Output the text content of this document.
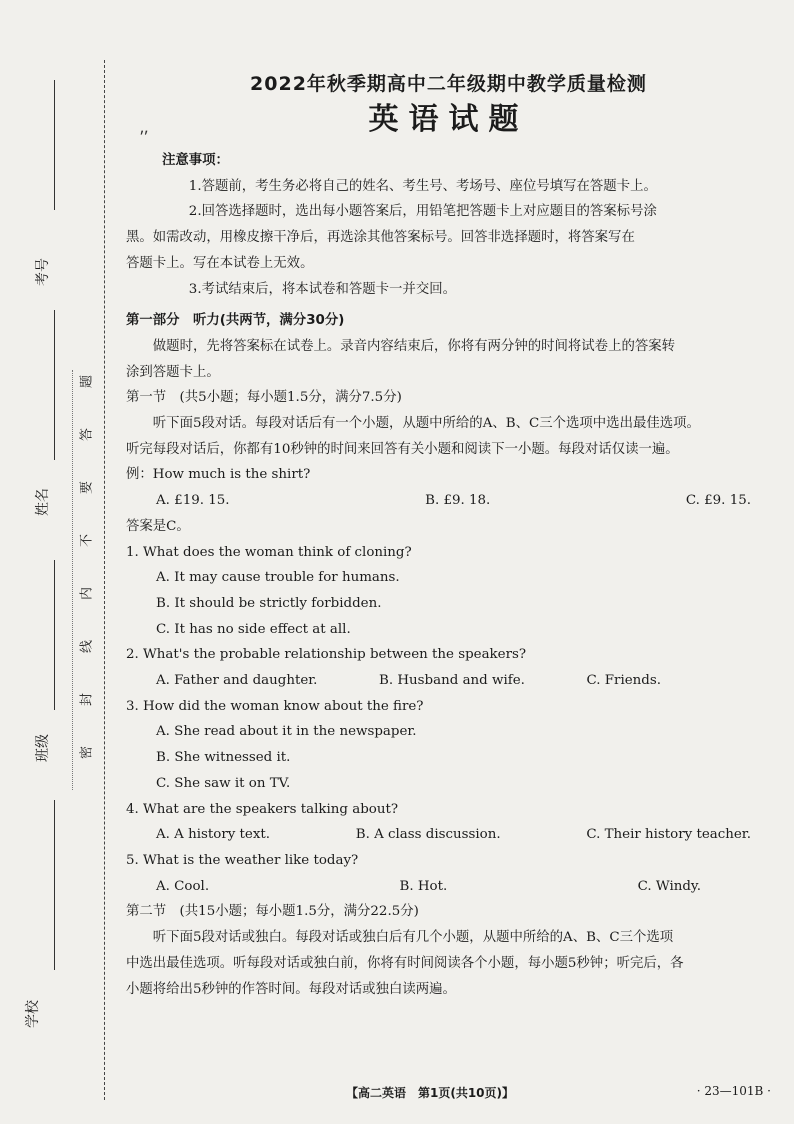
考号
姓名
班级
学校
题
答
要
不
内
线
封
密
⸴⸴

2022年秋季期高中二年级期中教学质量检测

英语试题

注意事项：

1.答题前，考生务必将自己的姓名、考生号、考场号、座位号填写在答题卡上。

2.回答选择题时，选出每小题答案后，用铅笔把答题卡上对应题目的答案标号涂

黑。如需改动，用橡皮擦干净后，再选涂其他答案标号。回答非选择题时，将答案写在

答题卡上。写在本试卷上无效。

3.考试结束后，将本试卷和答题卡一并交回。

第一部分　听力(共两节，满分30分)

做题时，先将答案标在试卷上。录音内容结束后，你将有两分钟的时间将试卷上的答案转

涂到答题卡上。

第一节　(共5小题；每小题1.5分，满分7.5分)

听下面5段对话。每段对话后有一个小题，从题中所给的A、B、C三个选项中选出最佳选项。

听完每段对话后，你都有10秒钟的时间来回答有关小题和阅读下一小题。每段对话仅读一遍。

例：How much is the shirt?

A. £19. 15.	B. £9. 18.	C. £9. 15.

答案是C。

1. What does the woman think of cloning?

A. It may cause trouble for humans.

B. It should be strictly forbidden.

C. It has no side effect at all.

2. What's the probable relationship between the speakers?

A. Father and daughter.	B. Husband and wife.	C. Friends.

3. How did the woman know about the fire?

A. She read about it in the newspaper.

B. She witnessed it.

C. She saw it on TV.

4. What are the speakers talking about?

A. A history text.	B. A class discussion.	C. Their history teacher.

5. What is the weather like today?

A. Cool.	B. Hot.	C. Windy.

第二节　(共15小题；每小题1.5分，满分22.5分)

听下面5段对话或独白。每段对话或独白后有几个小题，从题中所给的A、B、C三个选项

中选出最佳选项。听每段对话或独白前，你将有时间阅读各个小题，每小题5秒钟；听完后，各

小题将给出5秒钟的作答时间。每段对话或独白读两遍。

【高二英语　第1页(共10页)】	· 23—101B ·
